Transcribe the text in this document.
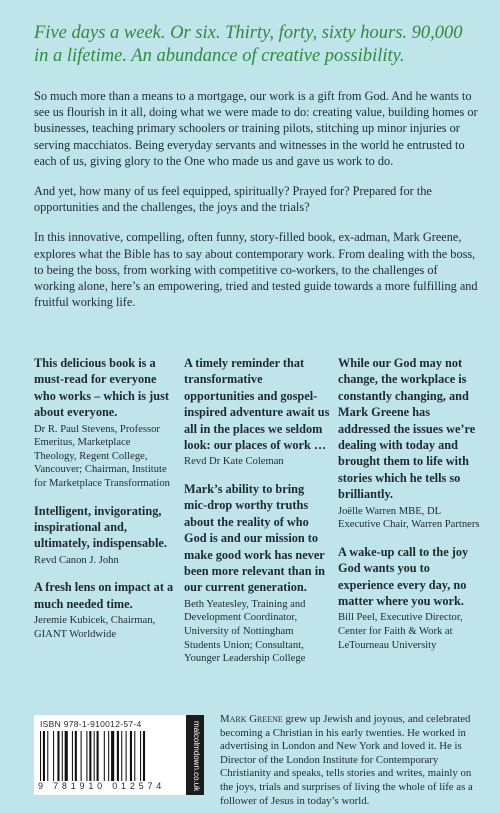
Five days a week. Or six. Thirty, forty, sixty hours. 90,000 in a lifetime. An abundance of creative possibility.

So much more than a means to a mortgage, our work is a gift from God. And he wants to see us flourish in it all, doing what we were made to do: creating value, building homes or businesses, teaching primary schoolers or training pilots, stitching up minor injuries or serving macchiatos. Being everyday servants and witnesses in the world he entrusted to each of us, giving glory to the One who made us and gave us work to do.

And yet, how many of us feel equipped, spiritually? Prayed for? Prepared for the opportunities and the challenges, the joys and the trials?

In this innovative, compelling, often funny, story-filled book, ex-adman, Mark Greene, explores what the Bible has to say about contemporary work. From dealing with the boss, to being the boss, from working with competitive co-workers, to the challenges of working alone, here’s an empowering, tried and tested guide towards a more fulfilling and fruitful working life.

This delicious book is a must-read for everyone who works – which is just about everyone.

Dr R. Paul Stevens, Professor Emeritus, Marketplace Theology, Regent College, Vancouver; Chairman, Institute for Marketplace Transformation

Intelligent, invigorating, inspirational and, ultimately, indispensable.

Revd Canon J. John

A fresh lens on impact at a much needed time.

Jeremie Kubicek, Chairman, GIANT Worldwide

A timely reminder that transformative opportunities and gospel-inspired adventure await us all in the places we seldom look: our places of work …

Revd Dr Kate Coleman

Mark’s ability to bring mic-drop worthy truths about the reality of who God is and our mission to make good work has never been more relevant than in our current generation.

Beth Yeatesley, Training and Development Coordinator, University of Nottingham Students Union; Consultant, Younger Leadership College

While our God may not change, the workplace is constantly changing, and Mark Greene has addressed the issues we’re dealing with today and brought them to life with stories which he tells so brilliantly.

Joëlle Warren MBE, DL Executive Chair, Warren Partners

A wake-up call to the joy God wants you to experience every day, no matter where you work.

Bill Peel, Executive Director, Center for Faith & Work at LeTourneau University

ISBN 978-1-910012-57-4
9 781910 012574	malcolmdown.co.uk

Mark Greene grew up Jewish and joyous, and celebrated becoming a Christian in his early twenties. He worked in advertising in London and New York and loved it. He is Director of the London Institute for Contemporary Christianity and speaks, tells stories and writes, mainly on the joys, trials and surprises of living the whole of life as a follower of Jesus in today’s world.
